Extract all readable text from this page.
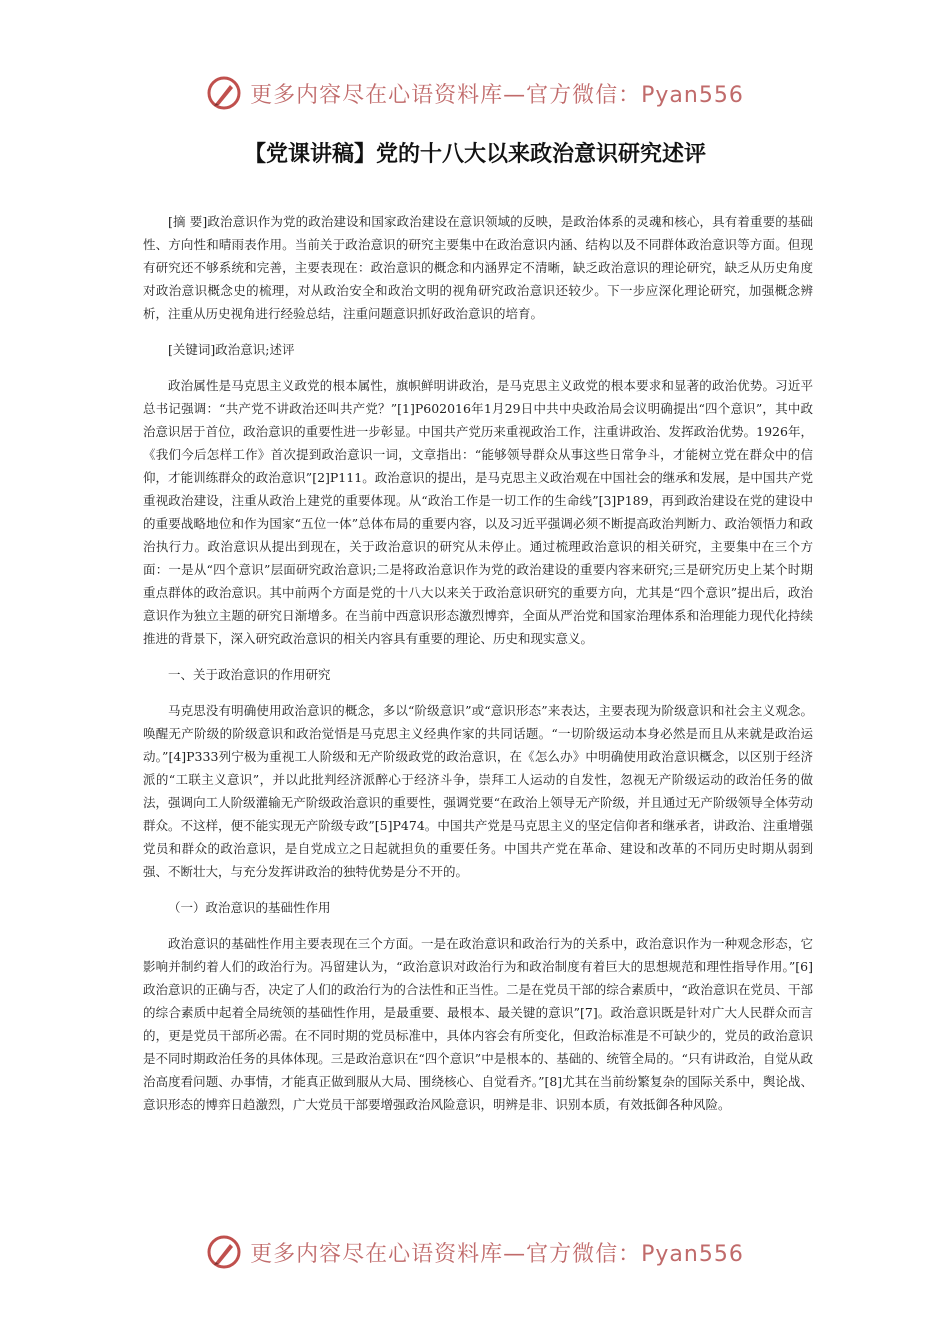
更多内容尽在心语资料库—官方微信：Pyan556
【党课讲稿】党的十八大以来政治意识研究述评

[摘 要]政治意识作为党的政治建设和国家政治建设在意识领域的反映，是政治体系的灵魂和核心，具有着重要的基础性、方向性和晴雨表作用。当前关于政治意识的研究主要集中在政治意识内涵、结构以及不同群体政治意识等方面。但现有研究还不够系统和完善，主要表现在：政治意识的概念和内涵界定不清晰，缺乏政治意识的理论研究，缺乏从历史角度对政治意识概念史的梳理，对从政治安全和政治文明的视角研究政治意识还较少。下一步应深化理论研究，加强概念辨析，注重从历史视角进行经验总结，注重问题意识抓好政治意识的培育。

[关键词]政治意识;述评

政治属性是马克思主义政党的根本属性，旗帜鲜明讲政治，是马克思主义政党的根本要求和显著的政治优势。习近平总书记强调：“共产党不讲政治还叫共产党？”[1]P602016年1月29日中共中央政治局会议明确提出“四个意识”，其中政治意识居于首位，政治意识的重要性进一步彰显。中国共产党历来重视政治工作，注重讲政治、发挥政治优势。1926年，《我们今后怎样工作》首次提到政治意识一词，文章指出：“能够领导群众从事这些日常争斗，才能树立党在群众中的信仰，才能训练群众的政治意识”[2]P111。政治意识的提出，是马克思主义政治观在中国社会的继承和发展，是中国共产党重视政治建设，注重从政治上建党的重要体现。从“政治工作是一切工作的生命线”[3]P189，再到政治建设在党的建设中的重要战略地位和作为国家“五位一体”总体布局的重要内容，以及习近平强调必须不断提高政治判断力、政治领悟力和政治执行力。政治意识从提出到现在，关于政治意识的研究从未停止。通过梳理政治意识的相关研究，主要集中在三个方面：一是从“四个意识”层面研究政治意识;二是将政治意识作为党的政治建设的重要内容来研究;三是研究历史上某个时期重点群体的政治意识。其中前两个方面是党的十八大以来关于政治意识研究的重要方向，尤其是“四个意识”提出后，政治意识作为独立主题的研究日渐增多。在当前中西意识形态激烈博弈，全面从严治党和国家治理体系和治理能力现代化持续推进的背景下，深入研究政治意识的相关内容具有重要的理论、历史和现实意义。

一、关于政治意识的作用研究

马克思没有明确使用政治意识的概念，多以“阶级意识”或“意识形态”来表达，主要表现为阶级意识和社会主义观念。唤醒无产阶级的阶级意识和政治觉悟是马克思主义经典作家的共同话题。“一切阶级运动本身必然是而且从来就是政治运动。”[4]P333列宁极为重视工人阶级和无产阶级政党的政治意识，在《怎么办》中明确使用政治意识概念，以区别于经济派的“工联主义意识”，并以此批判经济派醉心于经济斗争，崇拜工人运动的自发性，忽视无产阶级运动的政治任务的做法，强调向工人阶级灌输无产阶级政治意识的重要性，强调党要“在政治上领导无产阶级，并且通过无产阶级领导全体劳动群众。不这样，便不能实现无产阶级专政”[5]P474。中国共产党是马克思主义的坚定信仰者和继承者，讲政治、注重增强党员和群众的政治意识，是自党成立之日起就担负的重要任务。中国共产党在革命、建设和改革的不同历史时期从弱到强、不断壮大，与充分发挥讲政治的独特优势是分不开的。

（一）政治意识的基础性作用

政治意识的基础性作用主要表现在三个方面。一是在政治意识和政治行为的关系中，政治意识作为一种观念形态，它影响并制约着人们的政治行为。冯留建认为，“政治意识对政治行为和政治制度有着巨大的思想规范和理性指导作用。”[6]政治意识的正确与否，决定了人们的政治行为的合法性和正当性。二是在党员干部的综合素质中，“政治意识在党员、干部的综合素质中起着全局统领的基础性作用，是最重要、最根本、最关键的意识”[7]。政治意识既是针对广大人民群众而言的，更是党员干部所必需。在不同时期的党员标准中，具体内容会有所变化，但政治标准是不可缺少的，党员的政治意识是不同时期政治任务的具体体现。三是政治意识在“四个意识”中是根本的、基础的、统管全局的。“只有讲政治，自觉从政治高度看问题、办事情，才能真正做到服从大局、围绕核心、自觉看齐。”[8]尤其在当前纷繁复杂的国际关系中，舆论战、意识形态的博弈日趋激烈，广大党员干部要增强政治风险意识，明辨是非、识别本质，有效抵御各种风险。

更多内容尽在心语资料库—官方微信：Pyan556
